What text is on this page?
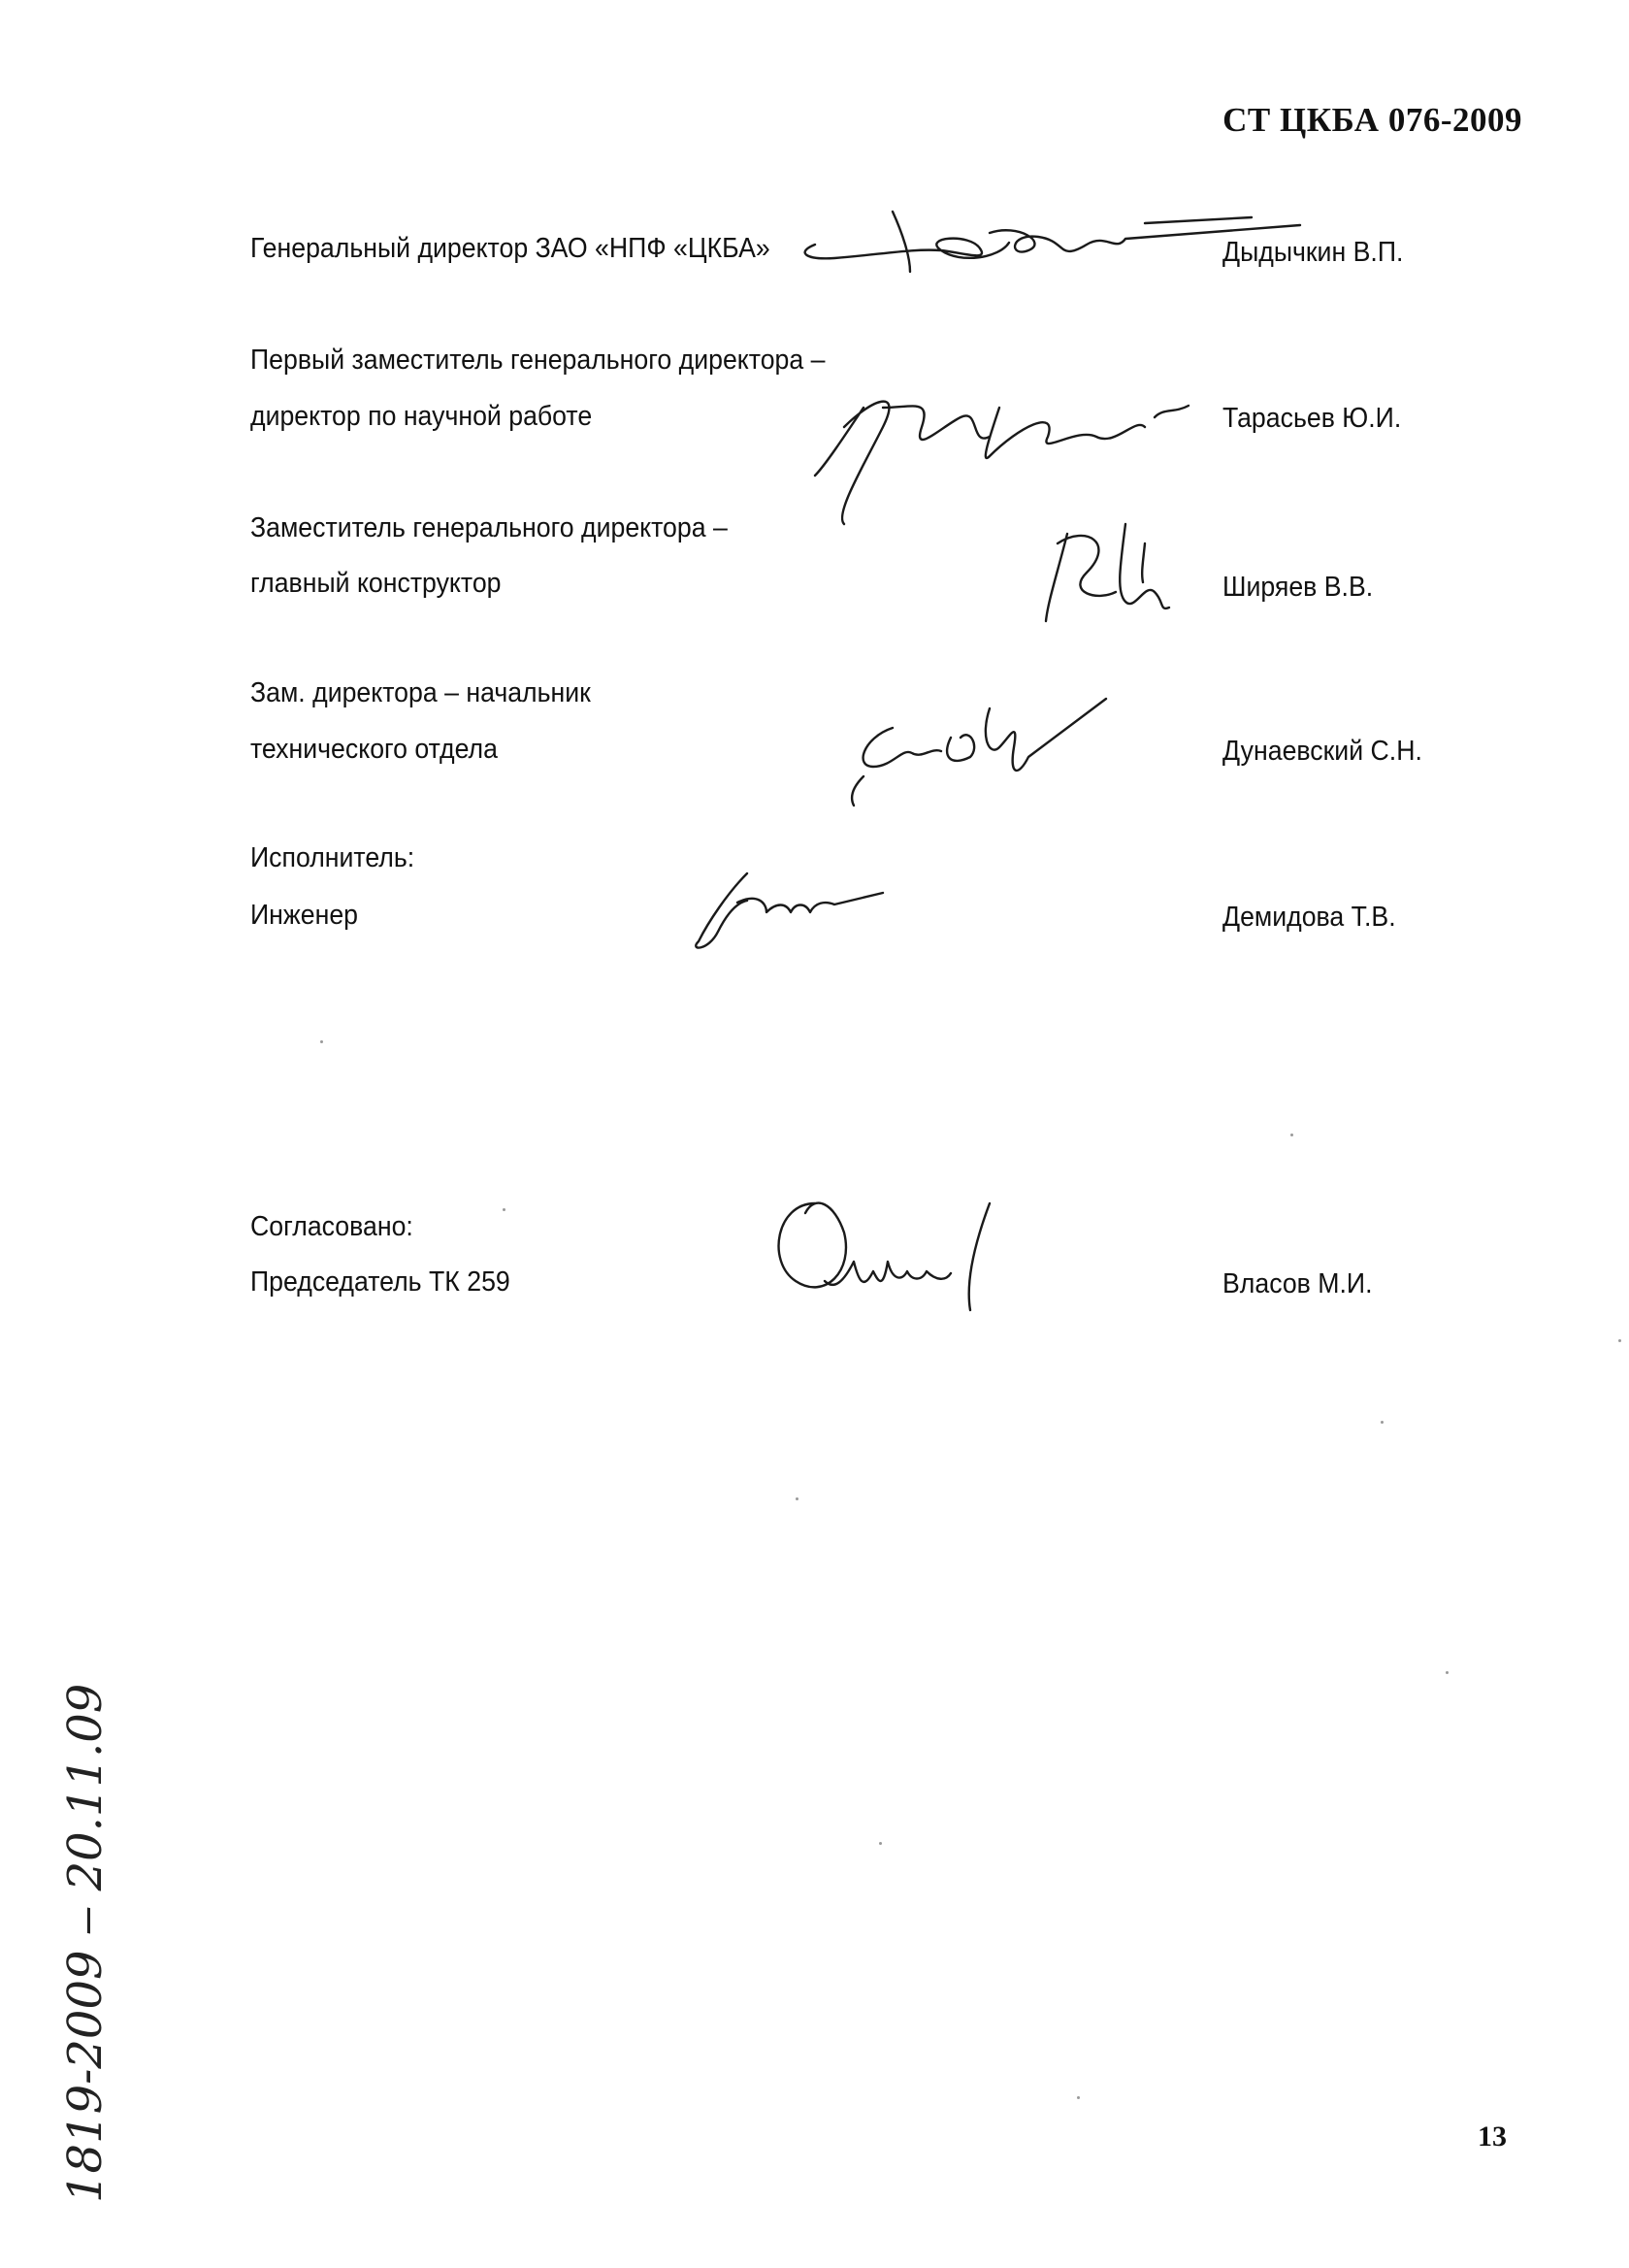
СТ ЦКБА 076-2009
Генеральный директор ЗАО «НПФ «ЦКБА»	Дыдычкин В.П.
Первый заместитель генерального директора –
директор по научной работе	Тарасьев Ю.И.
Заместитель генерального директора –
главный конструктор	Ширяев В.В.
Зам. директора – начальник
технического отдела	Дунаевский С.Н.
Исполнитель:
Инженер	Демидова Т.В.
Согласовано:
Председатель ТК 259	Власов М.И.
13
1819-2009 ‒ 20.11.09
